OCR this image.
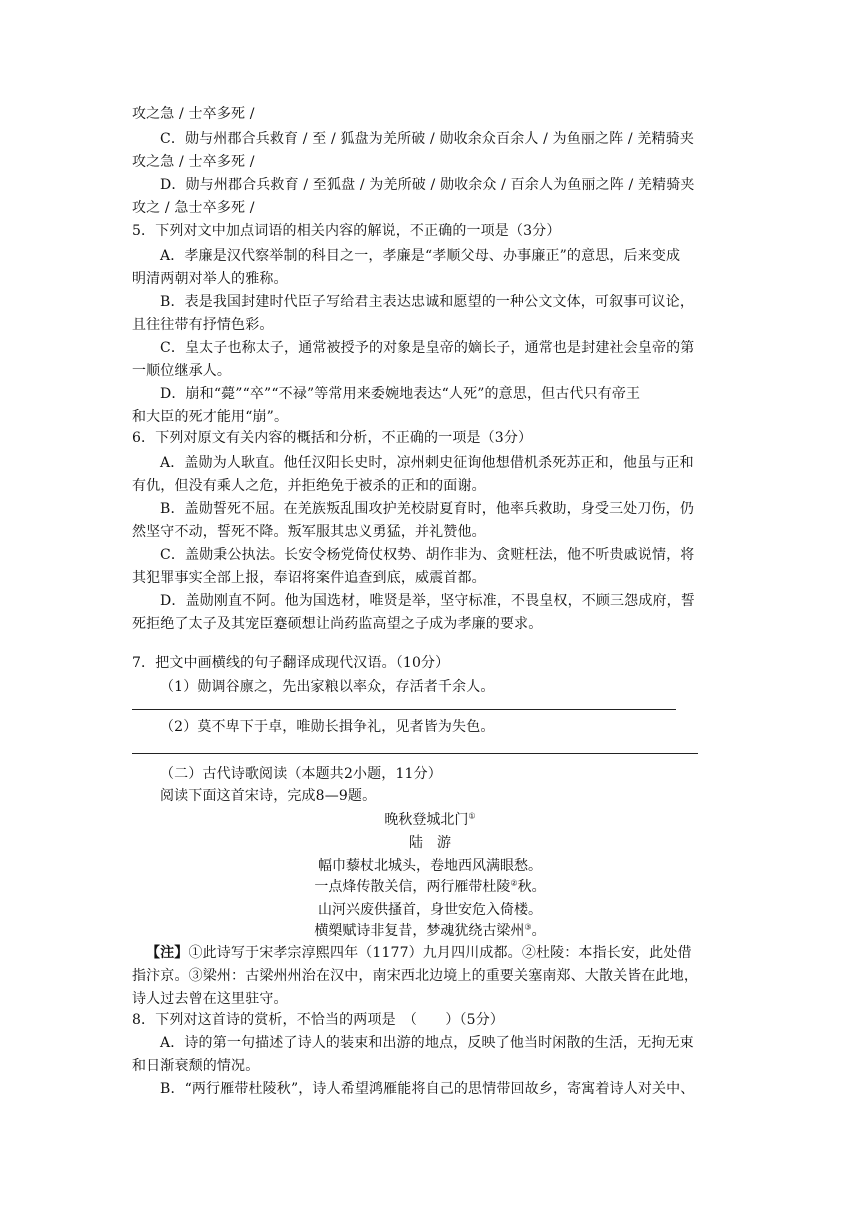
攻之急 / 士卒多死 /
C．勋与州郡合兵救育 / 至 / 狐盘为羌所破 / 勋收余众百余人 / 为鱼丽之阵 / 羌精骑夹
攻之急 / 士卒多死 /
D．勋与州郡合兵救育 / 至狐盘 / 为羌所破 / 勋收余众 / 百余人为鱼丽之阵 / 羌精骑夹
攻之 / 急士卒多死 /
5．下列对文中加点词语的相关内容的解说，不正确的一项是（3分）
A．孝廉是汉代察举制的科目之一，孝廉是“孝顺父母、办事廉正”的意思，后来变成
明清两朝对举人的雅称。
B．表是我国封建时代臣子写给君主表达忠诚和愿望的一种公文文体，可叙事可议论，
且往往带有抒情色彩。
C．皇太子也称太子，通常被授予的对象是皇帝的嫡长子，通常也是封建社会皇帝的第
一顺位继承人。
D．崩和“薨”“卒”“不禄”等常用来委婉地表达“人死”的意思，但古代只有帝王
和大臣的死才能用“崩”。
6．下列对原文有关内容的概括和分析，不正确的一项是（3分）
A．盖勋为人耿直。他任汉阳长史时，凉州刺史征询他想借机杀死苏正和，他虽与正和
有仇，但没有乘人之危，并拒绝免于被杀的正和的面谢。
B．盖勋誓死不屈。在羌族叛乱围攻护羌校尉夏育时，他率兵救助，身受三处刀伤，仍
然坚守不动，誓死不降。叛军服其忠义勇猛，并礼赞他。
C．盖勋秉公执法。长安令杨党倚仗权势、胡作非为、贪赃枉法，他不听贵戚说情，将
其犯罪事实全部上报，奉诏将案件追查到底，威震首都。
D．盖勋刚直不阿。他为国选材，唯贤是举，坚守标准，不畏皇权，不顾三怨成府，誓
死拒绝了太子及其宠臣蹇硕想让尚药监高望之子成为孝廉的要求。
7．把文中画横线的句子翻译成现代汉语。（10分）
（1）勋调谷廪之，先出家粮以率众，存活者千余人。
（2）莫不卑下于卓，唯勋长揖争礼，见者皆为失色。
（二）古代诗歌阅读（本题共2小题，11分）
阅读下面这首宋诗，完成8—9题。
晚秋登城北门①
陆　游
幅巾藜杖北城头，卷地西风满眼愁。
一点烽传散关信，两行雁带杜陵②秋。
山河兴废供搔首，身世安危入倚楼。
横槊赋诗非复昔，梦魂犹绕古梁州③。
【注】①此诗写于宋孝宗淳熙四年（1177）九月四川成都。②杜陵：本指长安，此处借
指汴京。③梁州：古梁州州治在汉中，南宋西北边境上的重要关塞南郑、大散关皆在此地，
诗人过去曾在这里驻守。
8．下列对这首诗的赏析，不恰当的两项是　（　　）（5分）
A．诗的第一句描述了诗人的装束和出游的地点，反映了他当时闲散的生活，无拘无束
和日渐衰颓的情况。
B．“两行雁带杜陵秋”，诗人希望鸿雁能将自己的思情带回故乡，寄寓着诗人对关中、
